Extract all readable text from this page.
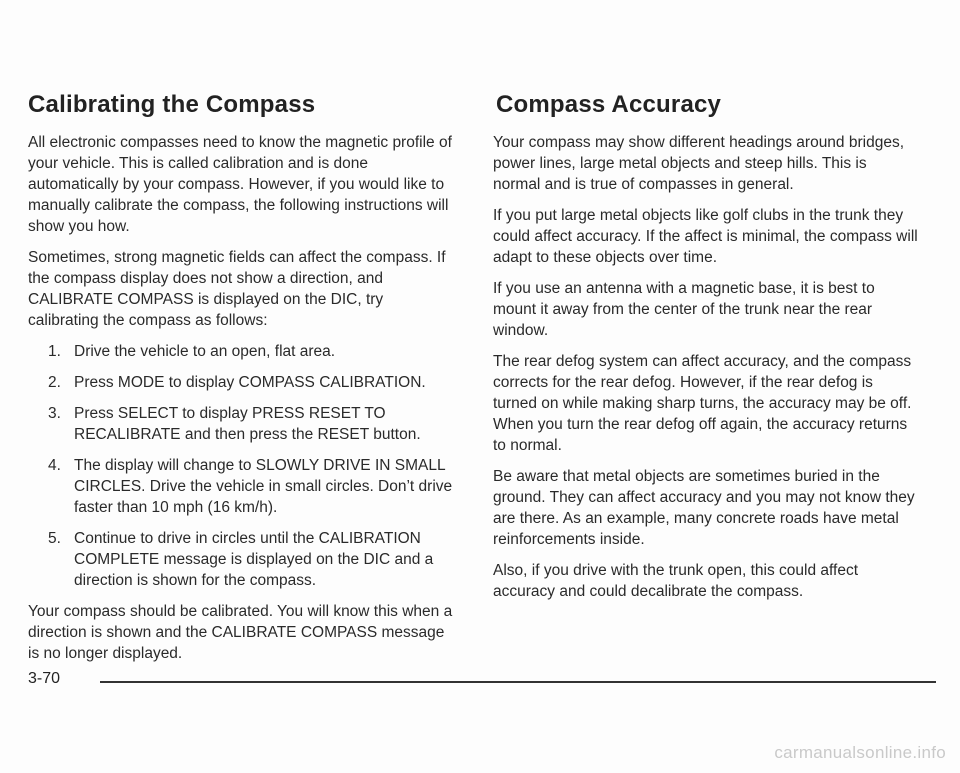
Calibrating the Compass

All electronic compasses need to know the magnetic profile of your vehicle. This is called calibration and is done automatically by your compass. However, if you would like to manually calibrate the compass, the following instructions will show you how.

Sometimes, strong magnetic fields can affect the compass. If the compass display does not show a direction, and CALIBRATE COMPASS is displayed on the DIC, try calibrating the compass as follows:

1. Drive the vehicle to an open, flat area.
2. Press MODE to display COMPASS CALIBRATION.
3. Press SELECT to display PRESS RESET TO RECALIBRATE and then press the RESET button.
4. The display will change to SLOWLY DRIVE IN SMALL CIRCLES. Drive the vehicle in small circles. Don’t drive faster than 10 mph (16 km/h).
5. Continue to drive in circles until the CALIBRATION COMPLETE message is displayed on the DIC and a direction is shown for the compass.

Your compass should be calibrated. You will know this when a direction is shown and the CALIBRATE COMPASS message is no longer displayed.

Compass Accuracy

Your compass may show different headings around bridges, power lines, large metal objects and steep hills. This is normal and is true of compasses in general.

If you put large metal objects like golf clubs in the trunk they could affect accuracy. If the affect is minimal, the compass will adapt to these objects over time.

If you use an antenna with a magnetic base, it is best to mount it away from the center of the trunk near the rear window.

The rear defog system can affect accuracy, and the compass corrects for the rear defog. However, if the rear defog is turned on while making sharp turns, the accuracy may be off. When you turn the rear defog off again, the accuracy returns to normal.

Be aware that metal objects are sometimes buried in the ground. They can affect accuracy and you may not know they are there. As an example, many concrete roads have metal reinforcements inside.

Also, if you drive with the trunk open, this could affect accuracy and could decalibrate the compass.

3-70
carmanualsonline.info
